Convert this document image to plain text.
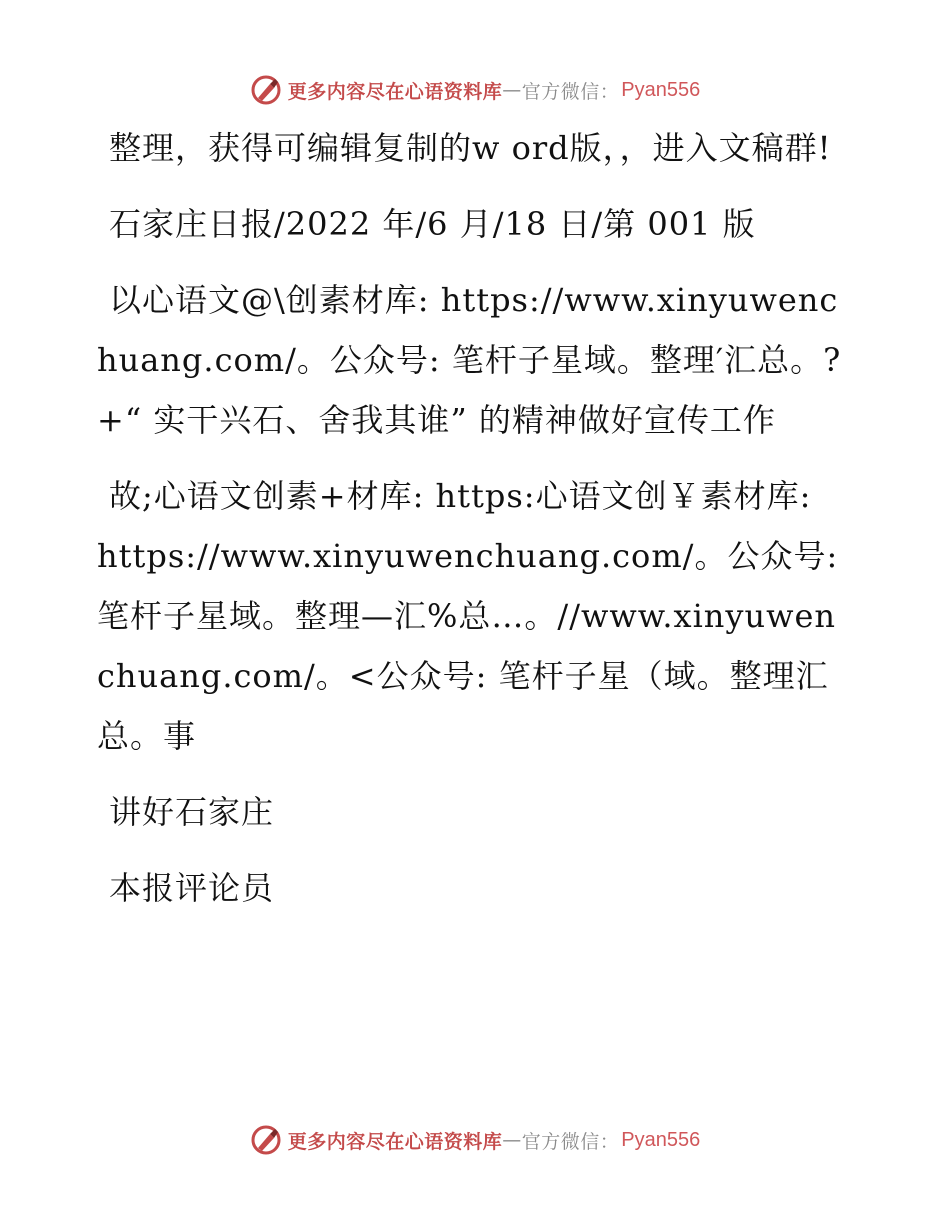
更多内容尽在心语资料库 — 官方微信： Pyan556

整理，获得可编辑复制的w ord版，，进入文稿群!

石家庄日报/2022 年/6 月/18 日/第 001 版

以心语文@\创素材库: https://www.xinyuwenchuang.com/。公众号: 笔杆子星域。整理′汇总。?+“ 实干兴石、舍我其谁” 的精神做好宣传工作

故;心语文创素+材库: https:心语文创￥素材库: https://www.xinyuwenchuang.com/。公众号: 笔杆子星域。整理—汇%总…。//www.xinyuwenchuang.com/。<公众号: 笔杆子星（域。整理汇总。事

讲好石家庄

本报评论员

更多内容尽在心语资料库 — 官方微信： Pyan556
